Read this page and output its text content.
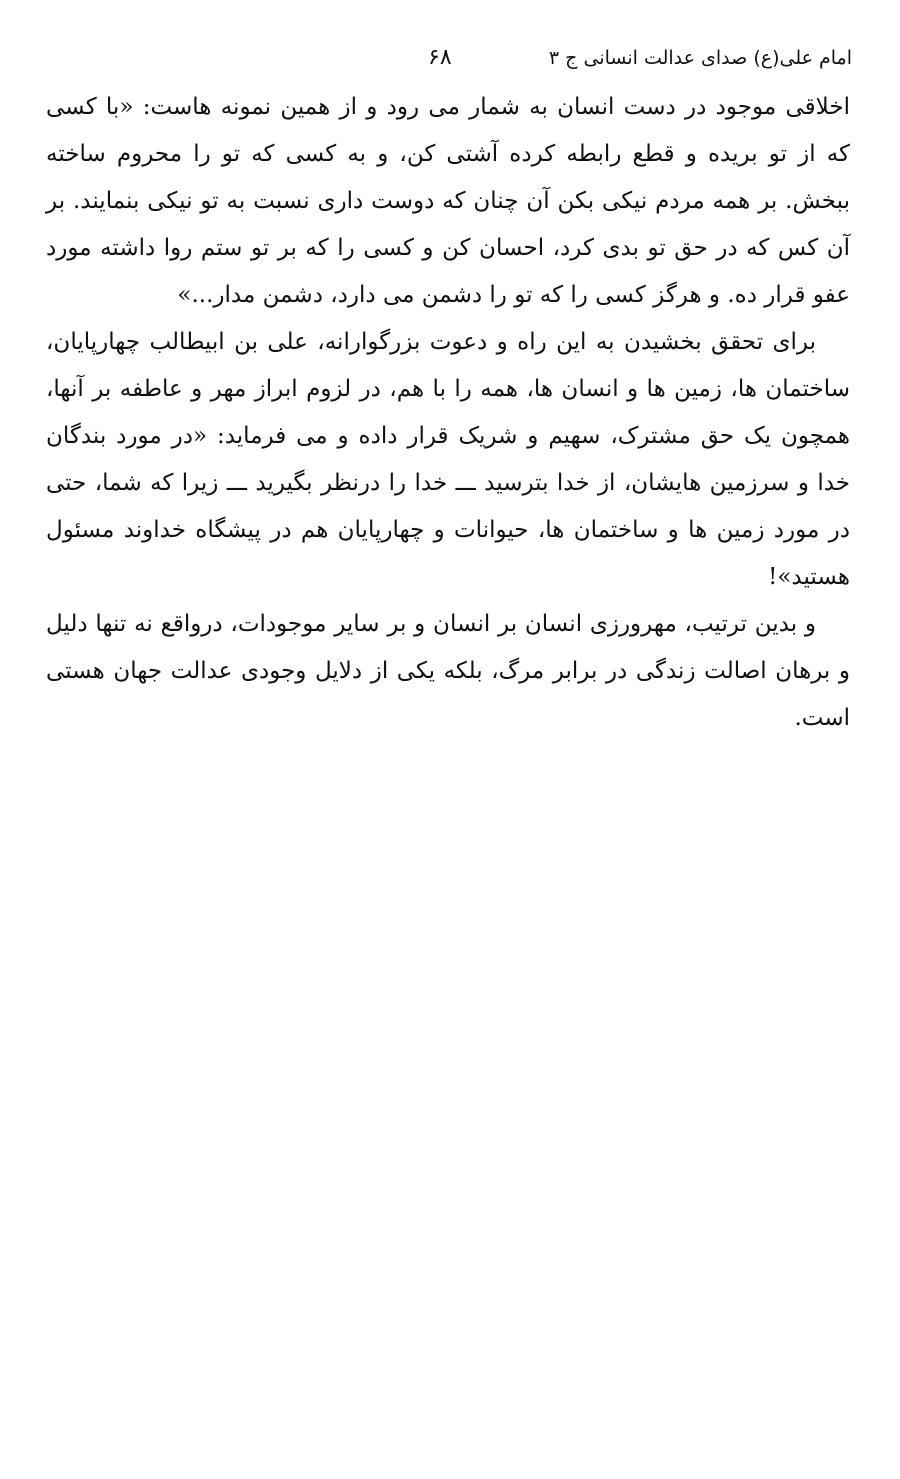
امام علی(ع) صدای عدالت انسانی ج ۳
۶۸

اخلاقی موجود در دست انسان به شمار می رود و از همین نمونه هاست: «با کسی که از تو بریده و قطع رابطه کرده آشتی کن، و به کسی که تو را محروم ساخته ببخش. بر همه مردم نیکی بکن آن چنان که دوست داری نسبت به تو نیکی بنمایند. بر آن کس که در حق تو بدی کرد، احسان کن و کسی را که بر تو ستم روا داشته مورد عفو قرار ده. و هرگز کسی را که تو را دشمن می دارد، دشمن مدار...»

برای تحقق بخشیدن به این راه و دعوت بزرگوارانه، علی بن ابیطالب چهارپایان، ساختمان ها، زمین ها و انسان ها، همه را با هم، در لزوم ابراز مهر و عاطفه بر آنها، همچون یک حق مشترک، سهیم و شریک قرار داده و می فرماید: «در مورد بندگان خدا و سرزمین هایشان، از خدا بترسید ـــ خدا را درنظر بگیرید ـــ زیرا که شما، حتی در مورد زمین ها و ساختمان ها، حیوانات و چهارپایان هم در پیشگاه خداوند مسئول هستید»!

و بدین ترتیب، مهرورزی انسان بر انسان و بر سایر موجودات، درواقع نه تنها دلیل و برهان اصالت زندگی در برابر مرگ، بلکه یکی از دلایل وجودی عدالت جهان هستی است.
